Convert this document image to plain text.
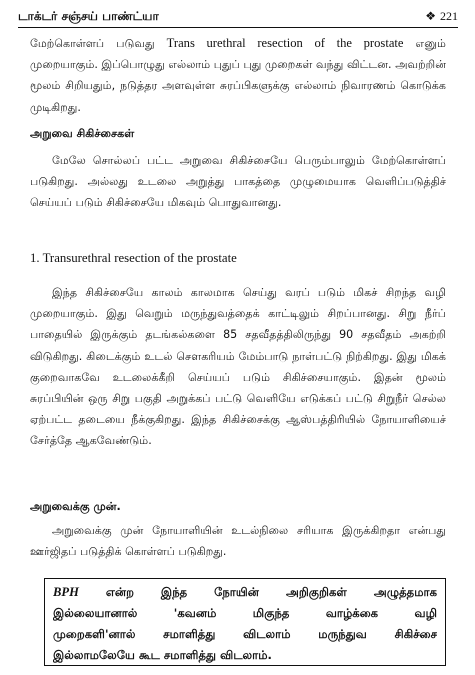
டாக்டர் சஞ்சய் பாண்ட்யா	❖ 221
மேற்கொள்ளப் படுவது Trans urethral resection of the prostate எனும் முறையாகும். இப்பொழுது எல்லாம் புதுப் புது முறைகள் வந்து விட்டன. அவற்றின் மூலம் சிறியதும், நடுத்தர அளவுள்ள சுரப்பிகளுக்கு எல்லாம் நிவாரணம் கொடுக்க முடிகிறது.
அறுவை சிகிச்சைகள்
மேலே சொல்லப் பட்ட அறுவை சிகிச்சையே பெரும்பாலும் மேற்கொள்ளப் படுகிறது. அல்லது உடலை அறுத்து பாகத்தை முழுமையாக வெளிப்படுத்திச் செய்யப் படும் சிகிச்சையே மிகவும் பொதுவானது.
1. Transurethral resection of the prostate
இந்த சிகிச்சையே காலம் காலமாக செய்து வரப் படும் மிகச் சிறந்த வழி முறையாகும். இது வெறும் மருந்துவத்தைக் காட்டிலும் சிறப்பானது. சிறு நீர்ப் பாதையில் இருக்கும் தடங்கல்களை 85 சதவீதத்திலிருந்து 90 சதவீதம் அகற்றி விடுகிறது. கிடைக்கும் உடல் சௌகரியம் மேம்பாடு நாள்பட்டு நிற்கிறது. இது மிகக் குறைவாகவே உடலைக்கீறி செய்யப் படும் சிகிச்சையாகும். இதன் மூலம் சுரப்பியின் ஒரு சிறு பகுதி அறுக்கப் பட்டு வெளியே எடுக்கப் பட்டு சிறுநீர் செல்ல ஏற்பட்ட தடையை நீக்குகிறது. இந்த சிகிச்சைக்கு ஆஸ்பத்திரியில் நோயாளியைச் சேர்த்தே ஆகவேண்டும்.
அறுவைக்கு முன்.
அறுவைக்கு முன் நோயாளியின் உடல்நிலை சரியாக இருக்கிறதா என்பது ஊர்ஜிதப் படுத்திக் கொள்ளப் படுகிறது.
BPH என்ற இந்த நோயின் அறிகுறிகள் அழுத்தமாக
இல்லையானால் 'கவனம் மிகுந்த வாழ்க்கை வழி
முறைகளி'னால் சமாளித்து விடலாம் மருந்துவ சிகிச்சை
இல்லாமலேயே கூட சமாளித்து விடலாம்.
